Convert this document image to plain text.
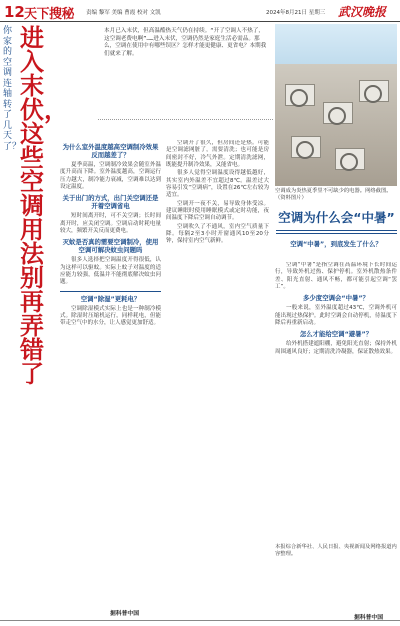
12 天下搜秘 责编 黎军 美编 曹霞 校对 文凯	2024年8月21日 星期三 武汉晚报
你家的空调连轴转了几天了？
进入末伏，这些空调用法别再弄错了
本月已入末伏，但高温酷热天气仍在持续。“开了空调人不热了，这空调老费电啊”……进入末伏，空调仍然是家庭生活必需品。那么，空调在使用中有哪些误区？怎样才能更健康、更省电？本期我们就来了解。
空调成为炎热夏季里不可缺少的电器。网络截图。（资料图片）
为什么室外温度越高空调制冷效果反而越差了？

夏季高温，空调制冷效果会随室外温度升高而下降。室外温度越高，空调运行压力越大，制冷能力衰减，空调难以达到设定温度。

关于出门的方式，出门关空调还是开着空调省电

短时间离开时，可不关空调；长时间离开时，应关闭空调。空调启动时耗电量较大，频繁开关反而更费电。

灭蚊是否真的需要空调制冷，使用空调可解决蚊虫问题吗

很多人选择把空调温度开得很低，认为这样可以驱蚊。实际上蚊子对温度的适应能力较强，低温并不能彻底解决蚊虫问题。

空调“除湿”更耗电？

空调除湿模式实际上也是一种制冷模式。除湿时压缩机运行，同样耗电，但能带走空气中的水分，让人感觉更加舒适。

空调开了很久，但房间还是热。可能是空调滤网脏了，需要清洗；也可能是房间密封不好，冷气外泄。定期清洗滤网，既能提升制冷效果，又能省电。

很多人觉得空调温度设得越低越好，其实室内外温差不宜超过8℃。温差过大容易引发“空调病”，设置在26℃左右较为适宜。

空调开一夜不关，易导致身体受凉。建议睡眠时使用睡眠模式或定时功能，夜间温度下降后空调自动调节。

空调吹久了不通风，室内空气质量下降。每隔2至3小时开窗通风10至20分钟，保持室内空气新鲜。

空调为什么会“中暑”
空调“中暑”，到底发生了什么？

空调“中暑”是指空调在高温环境下长时间运行，导致外机过热、保护停机。室外机散热条件差、阳光直射、通风不畅，都可能引起空调“罢工”。

多少度空调会“中暑”？

一般来说，室外温度超过43℃，空调外机可能出现过热保护。此时空调会自动停机，待温度下降后再重新启动。

怎么才能给空调“避暑”？

给外机搭建遮阳棚，避免阳光直射；保持外机周围通风良好；定期清洗冷凝器，保证散热效果。

本报综合新华社、人民日报、央视新闻及网络报道内容整理。
据科普中国
据科普中国
